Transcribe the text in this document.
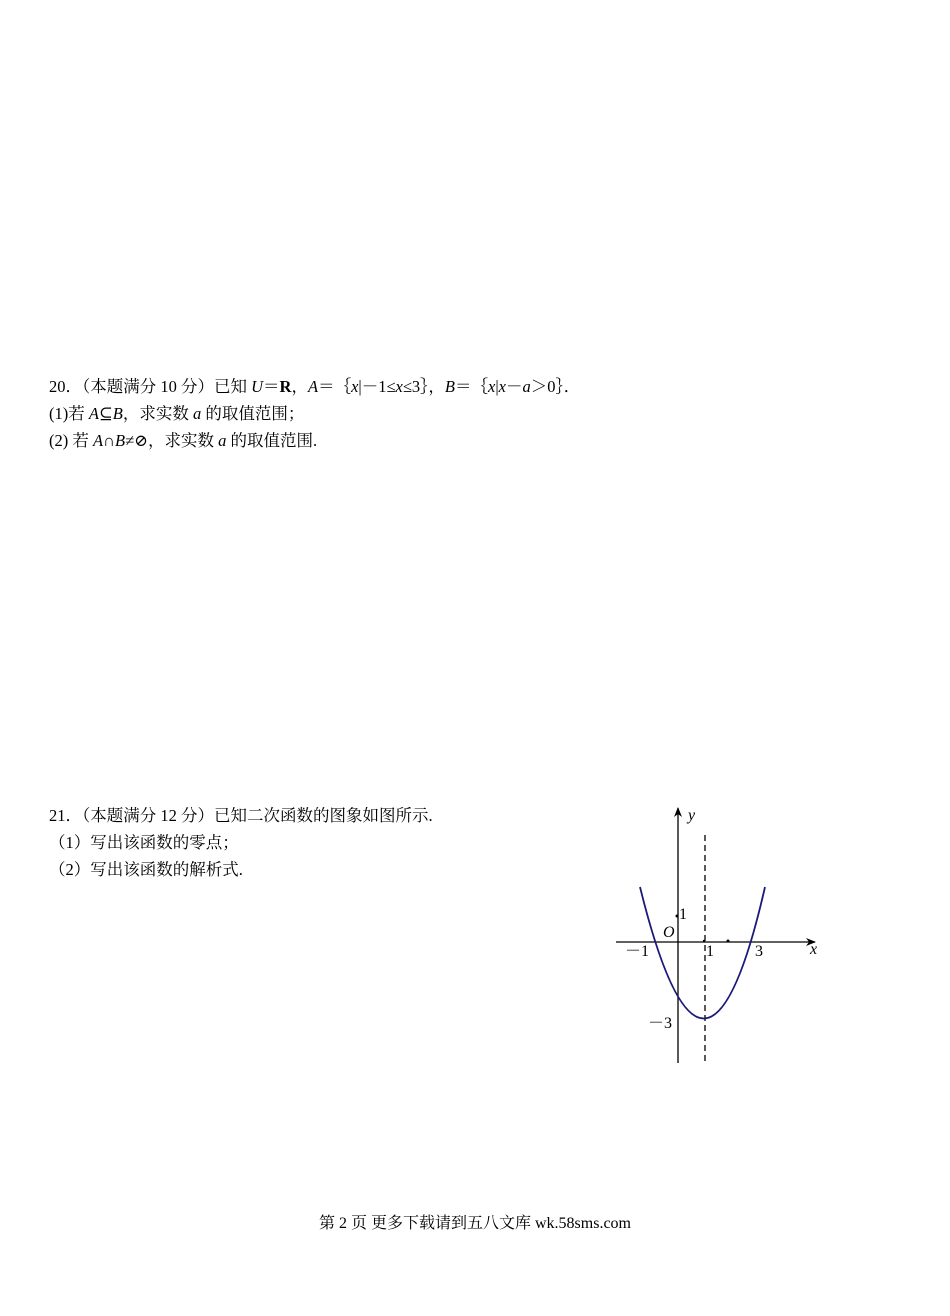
20．（本题满分 10 分）已知 U＝R，A＝｛x|－1≤x≤3｝，B＝｛x|x－a＞0｝．
(1)若 A⊆B，求实数 a 的取值范围；
(2) 若 A∩B≠⊘，求实数 a 的取值范围.
21．（本题满分 12 分）已知二次函数的图象如图所示.
（1）写出该函数的零点；
（2）写出该函数的解析式.
y
x
O
1
－1	1	3
－3
第 2 页 更多下载请到五八文库 wk.58sms.com
